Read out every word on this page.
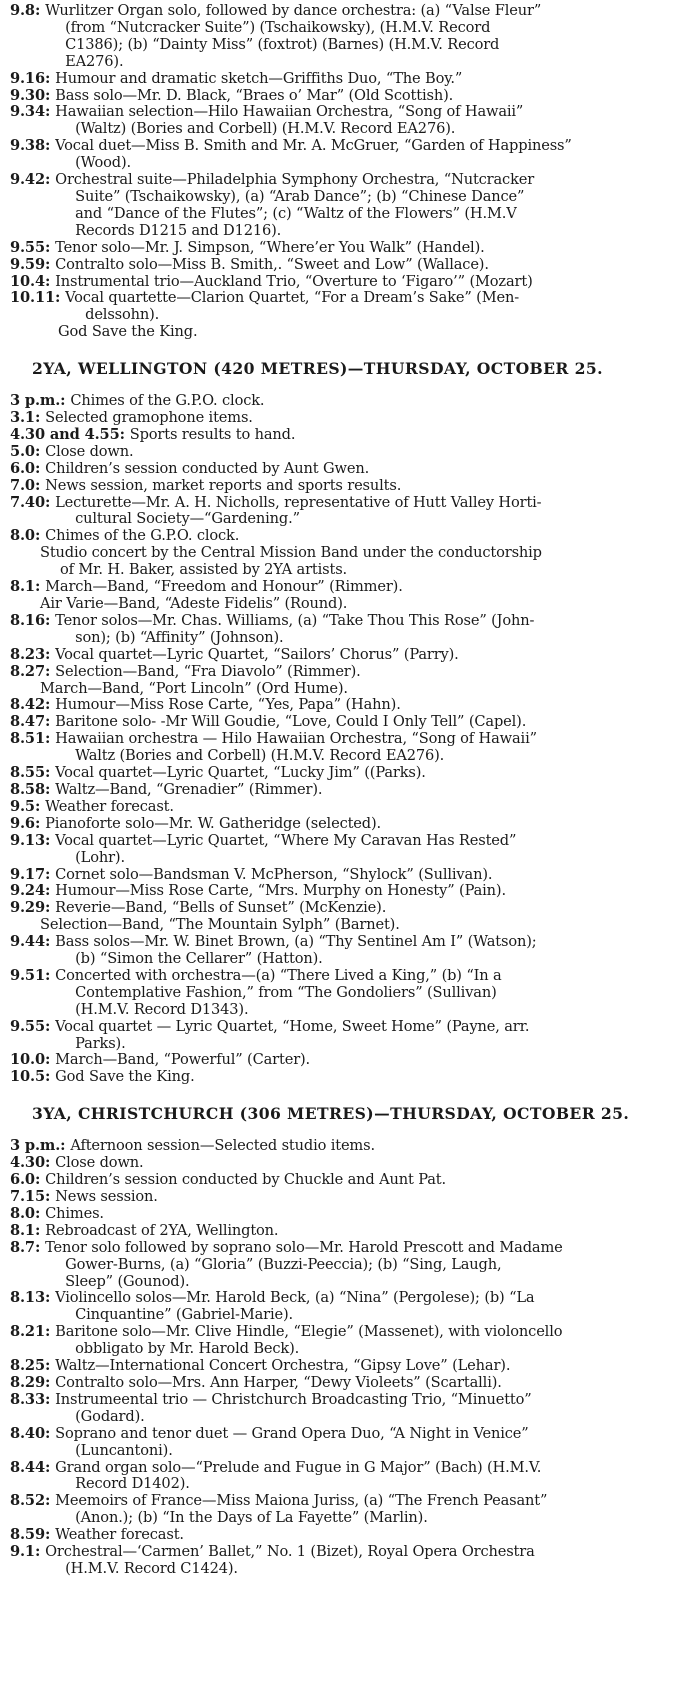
9.8: Wurlitzer Organ solo, followed by dance orchestra: (a) “Valse Fleur”
(from “Nutcracker Suite”) (Tschaikowsky), (H.M.V. Record
C1386); (b) “Dainty Miss” (foxtrot) (Barnes) (H.M.V. Record
EA276).
9.16: Humour and dramatic sketch—Griffiths Duo, “The Boy.”
9.30: Bass solo—Mr. D. Black, “Braes o’ Mar” (Old Scottish).
9.34: Hawaiian selection—Hilo Hawaiian Orchestra, “Song of Hawaii”
(Waltz) (Bories and Corbell) (H.M.V. Record EA276).
9.38: Vocal duet—Miss B. Smith and Mr. A. McGruer, “Garden of Happiness”
(Wood).
9.42: Orchestral suite—Philadelphia Symphony Orchestra, “Nutcracker
Suite” (Tschaikowsky), (a) “Arab Dance”; (b) “Chinese Dance”
and “Dance of the Flutes”; (c) “Waltz of the Flowers” (H.M.V
Records D1215 and D1216).
9.55: Tenor solo—Mr. J. Simpson, “Where’er You Walk” (Handel).
9.59: Contralto solo—Miss B. Smith,. “Sweet and Low” (Wallace).
10.4: Instrumental trio—Auckland Trio, “Overture to ‘Figaro’” (Mozart)
10.11: Vocal quartette—Clarion Quartet, “For a Dream’s Sake” (Men-
delssohn).
God Save the King.
2YA, WELLINGTON (420 METRES)—THURSDAY, OCTOBER 25.
3 p.m.: Chimes of the G.P.O. clock.
3.1: Selected gramophone items.
4.30 and 4.55: Sports results to hand.
5.0: Close down.
6.0: Children’s session conducted by Aunt Gwen.
7.0: News session, market reports and sports results.
7.40: Lecturette—Mr. A. H. Nicholls, representative of Hutt Valley Horti-
cultural Society—“Gardening.”
8.0: Chimes of the G.P.O. clock.
Studio concert by the Central Mission Band under the conductorship
of Mr. H. Baker, assisted by 2YA artists.
8.1: March—Band, “Freedom and Honour” (Rimmer).
Air Varie—Band, “Adeste Fidelis” (Round).
8.16: Tenor solos—Mr. Chas. Williams, (a) “Take Thou This Rose” (John-
son); (b) “Affinity” (Johnson).
8.23: Vocal quartet—Lyric Quartet, “Sailors’ Chorus” (Parry).
8.27: Selection—Band, “Fra Diavolo” (Rimmer).
March—Band, “Port Lincoln” (Ord Hume).
8.42: Humour—Miss Rose Carte, “Yes, Papa” (Hahn).
8.47: Baritone solo- -Mr Will Goudie, “Love, Could I Only Tell” (Capel).
8.51: Hawaiian orchestra — Hilo Hawaiian Orchestra, “Song of Hawaii”
Waltz (Bories and Corbell) (H.M.V. Record EA276).
8.55: Vocal quartet—Lyric Quartet, “Lucky Jim” ((Parks).
8.58: Waltz—Band, “Grenadier” (Rimmer).
9.5: Weather forecast.
9.6: Pianoforte solo—Mr. W. Gatheridge (selected).
9.13: Vocal quartet—Lyric Quartet, “Where My Caravan Has Rested”
(Lohr).
9.17: Cornet solo—Bandsman V. McPherson, “Shylock” (Sullivan).
9.24: Humour—Miss Rose Carte, “Mrs. Murphy on Honesty” (Pain).
9.29: Reverie—Band, “Bells of Sunset” (McKenzie).
Selection—Band, “The Mountain Sylph” (Barnet).
9.44: Bass solos—Mr. W. Binet Brown, (a) “Thy Sentinel Am I” (Watson);
(b) “Simon the Cellarer” (Hatton).
9.51: Concerted with orchestra—(a) “There Lived a King,” (b) “In a
Contemplative Fashion,” from “The Gondoliers” (Sullivan)
(H.M.V. Record D1343).
9.55: Vocal quartet — Lyric Quartet, “Home, Sweet Home” (Payne, arr.
Parks).
10.0: March—Band, “Powerful” (Carter).
10.5: God Save the King.
3YA, CHRISTCHURCH (306 METRES)—THURSDAY, OCTOBER 25.
3 p.m.: Afternoon session—Selected studio items.
4.30: Close down.
6.0: Children’s session conducted by Chuckle and Aunt Pat.
7.15: News session.
8.0: Chimes.
8.1: Rebroadcast of 2YA, Wellington.
8.7: Tenor solo followed by soprano solo—Mr. Harold Prescott and Madame
Gower-Burns, (a) “Gloria” (Buzzi-Peeccia); (b) “Sing, Laugh,
Sleep” (Gounod).
8.13: Violincello solos—Mr. Harold Beck, (a) “Nina” (Pergolese); (b) “La
Cinquantine” (Gabriel-Marie).
8.21: Baritone solo—Mr. Clive Hindle, “Elegie” (Massenet), with violoncello
obbligato by Mr. Harold Beck).
8.25: Waltz—International Concert Orchestra, “Gipsy Love” (Lehar).
8.29: Contralto solo—Mrs. Ann Harper, “Dewy Violeets” (Scartalli).
8.33: Instrumeental trio — Christchurch Broadcasting Trio, “Minuetto”
(Godard).
8.40: Soprano and tenor duet — Grand Opera Duo, “A Night in Venice”
(Luncantoni).
8.44: Grand organ solo—“Prelude and Fugue in G Major” (Bach) (H.M.V.
Record D1402).
8.52: Meemoirs of France—Miss Maiona Juriss, (a) “The French Peasant”
(Anon.); (b) “In the Days of La Fayette” (Marlin).
8.59: Weather forecast.
9.1: Orchestral—‘Carmen’ Ballet,” No. 1 (Bizet), Royal Opera Orchestra
(H.M.V. Record C1424).
